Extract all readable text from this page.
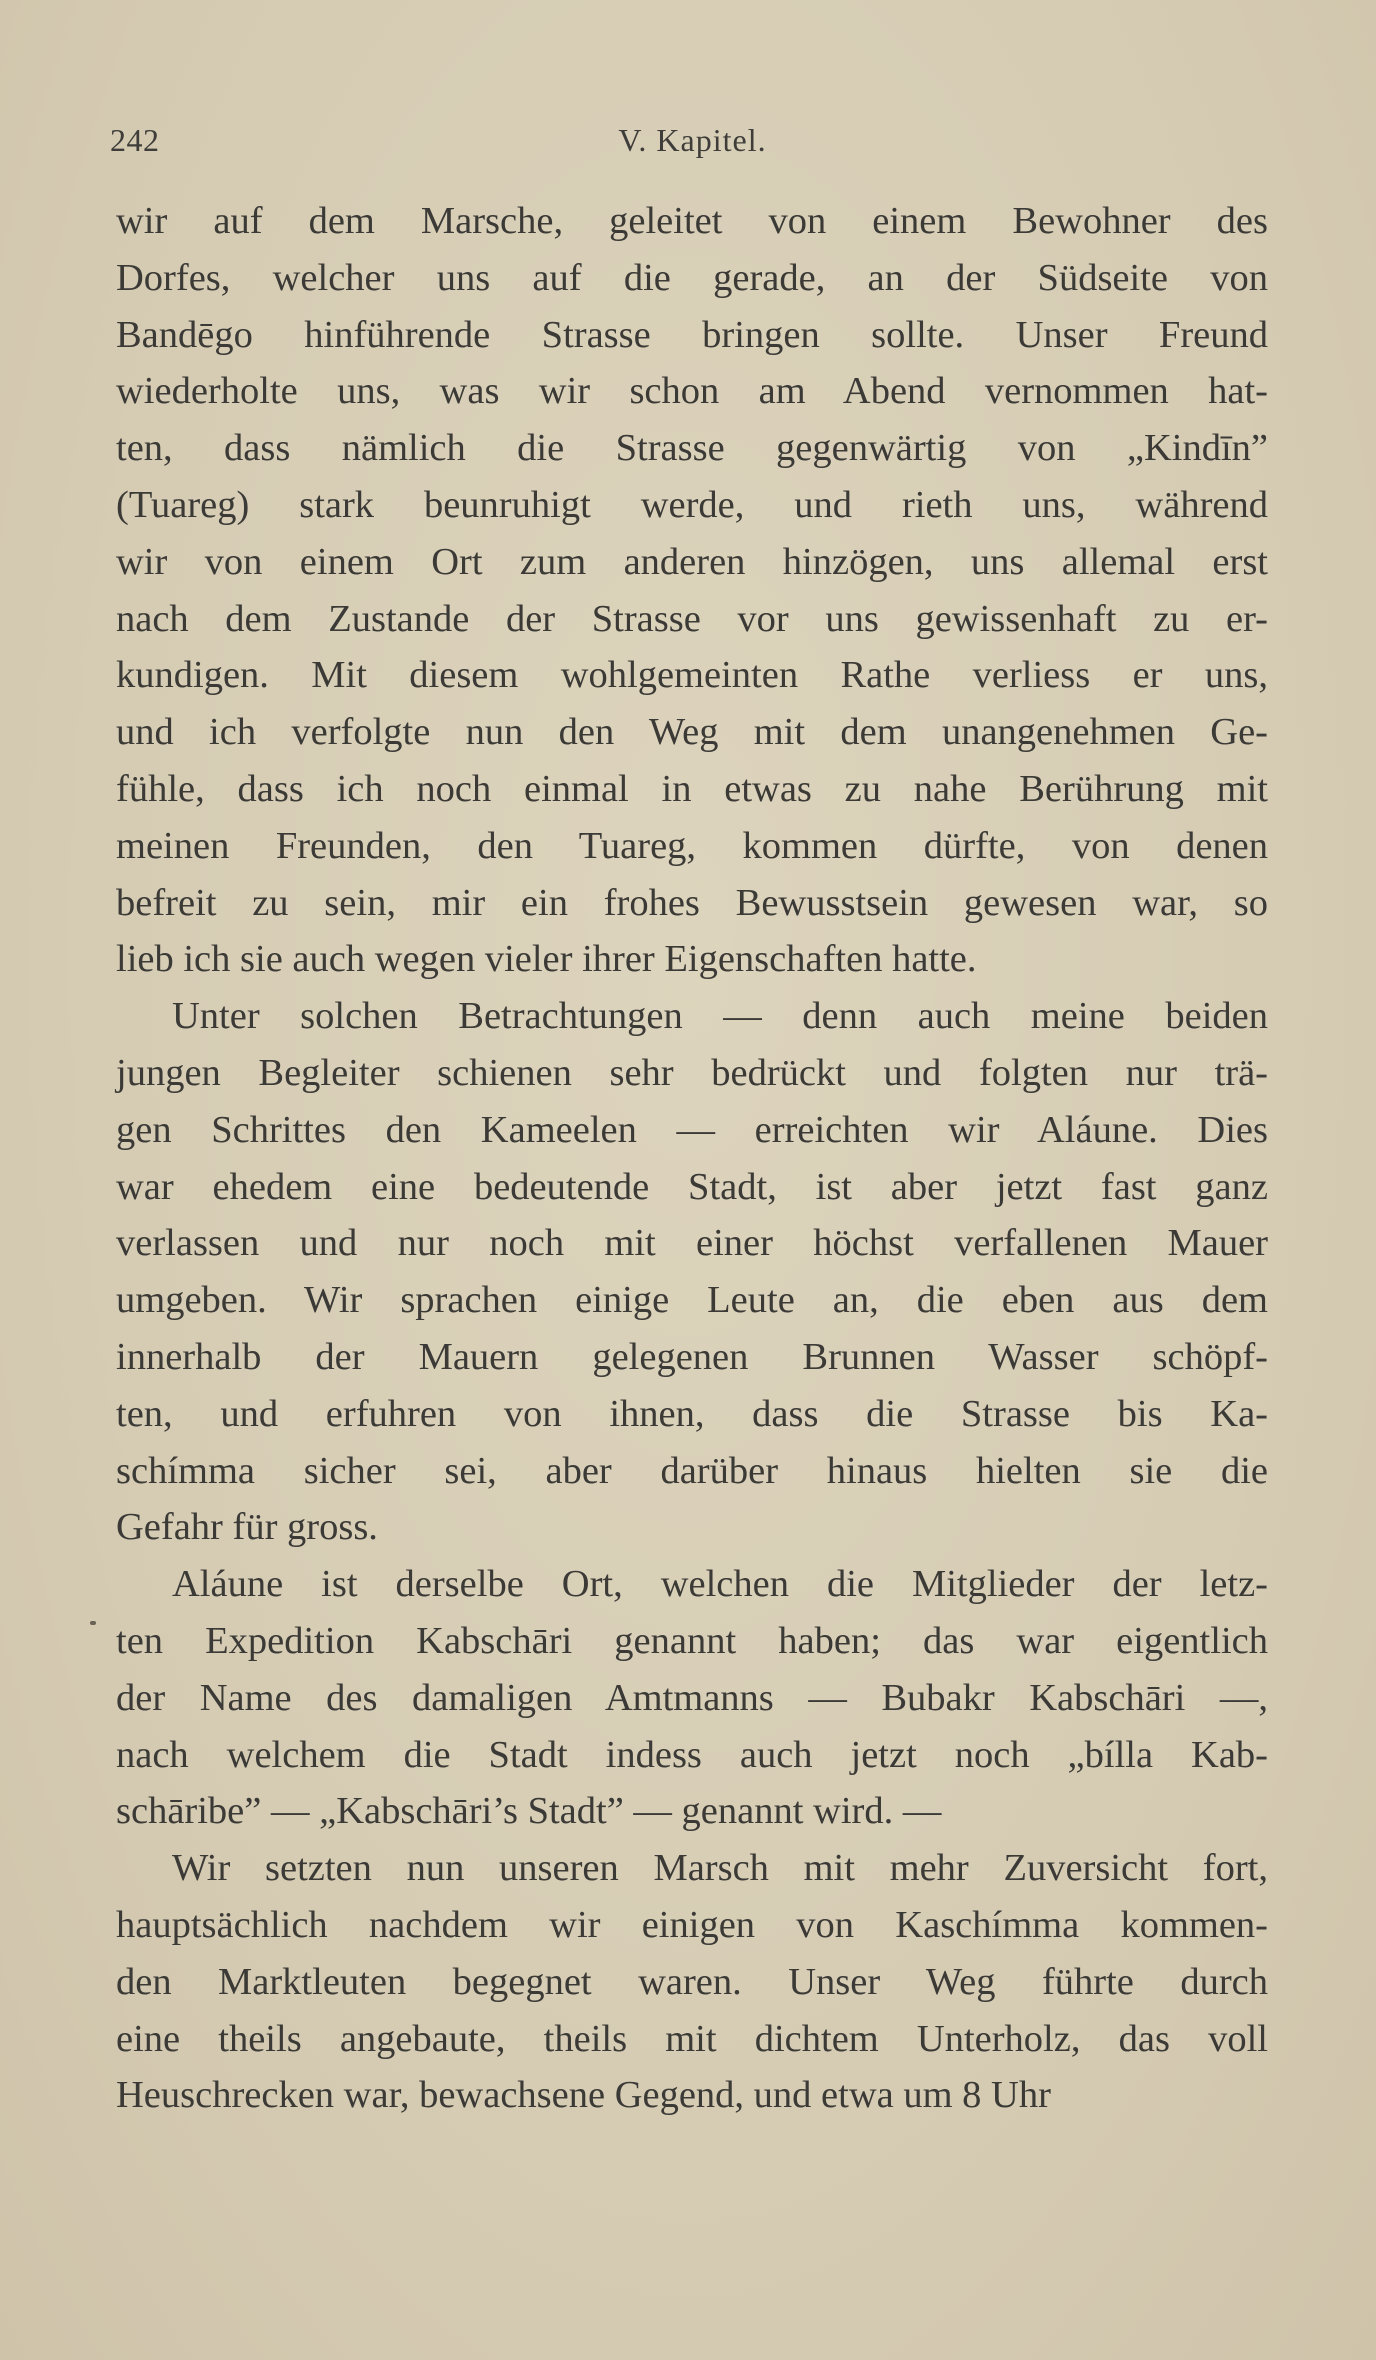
242	V. Kapitel.
wir auf dem Marsche, geleitet von einem Bewohner des
Dorfes, welcher uns auf die gerade, an der Südseite von
Bandēgo hinführende Strasse bringen sollte. Unser Freund
wiederholte uns, was wir schon am Abend vernommen hat-
ten, dass nämlich die Strasse gegenwärtig von „Kindīn”
(Tuareg) stark beunruhigt werde, und rieth uns, während
wir von einem Ort zum anderen hinzögen, uns allemal erst
nach dem Zustande der Strasse vor uns gewissenhaft zu er-
kundigen. Mit diesem wohlgemeinten Rathe verliess er uns,
und ich verfolgte nun den Weg mit dem unangenehmen Ge-
fühle, dass ich noch einmal in etwas zu nahe Berührung mit
meinen Freunden, den Tuareg, kommen dürfte, von denen
befreit zu sein, mir ein frohes Bewusstsein gewesen war, so
lieb ich sie auch wegen vieler ihrer Eigenschaften hatte.
Unter solchen Betrachtungen — denn auch meine beiden
jungen Begleiter schienen sehr bedrückt und folgten nur trä-
gen Schrittes den Kameelen — erreichten wir Aláune. Dies
war ehedem eine bedeutende Stadt, ist aber jetzt fast ganz
verlassen und nur noch mit einer höchst verfallenen Mauer
umgeben. Wir sprachen einige Leute an, die eben aus dem
innerhalb der Mauern gelegenen Brunnen Wasser schöpf-
ten, und erfuhren von ihnen, dass die Strasse bis Ka-
schímma sicher sei, aber darüber hinaus hielten sie die
Gefahr für gross.
Aláune ist derselbe Ort, welchen die Mitglieder der letz-
ten Expedition Kabschāri genannt haben; das war eigentlich
der Name des damaligen Amtmanns — Bubakr Kabschāri —,
nach welchem die Stadt indess auch jetzt noch „bílla Kab-
schāribe” — „Kabschāri’s Stadt” — genannt wird. —
Wir setzten nun unseren Marsch mit mehr Zuversicht fort,
hauptsächlich nachdem wir einigen von Kaschímma kommen-
den Marktleuten begegnet waren. Unser Weg führte durch
eine theils angebaute, theils mit dichtem Unterholz, das voll
Heuschrecken war, bewachsene Gegend, und etwa um 8 Uhr
